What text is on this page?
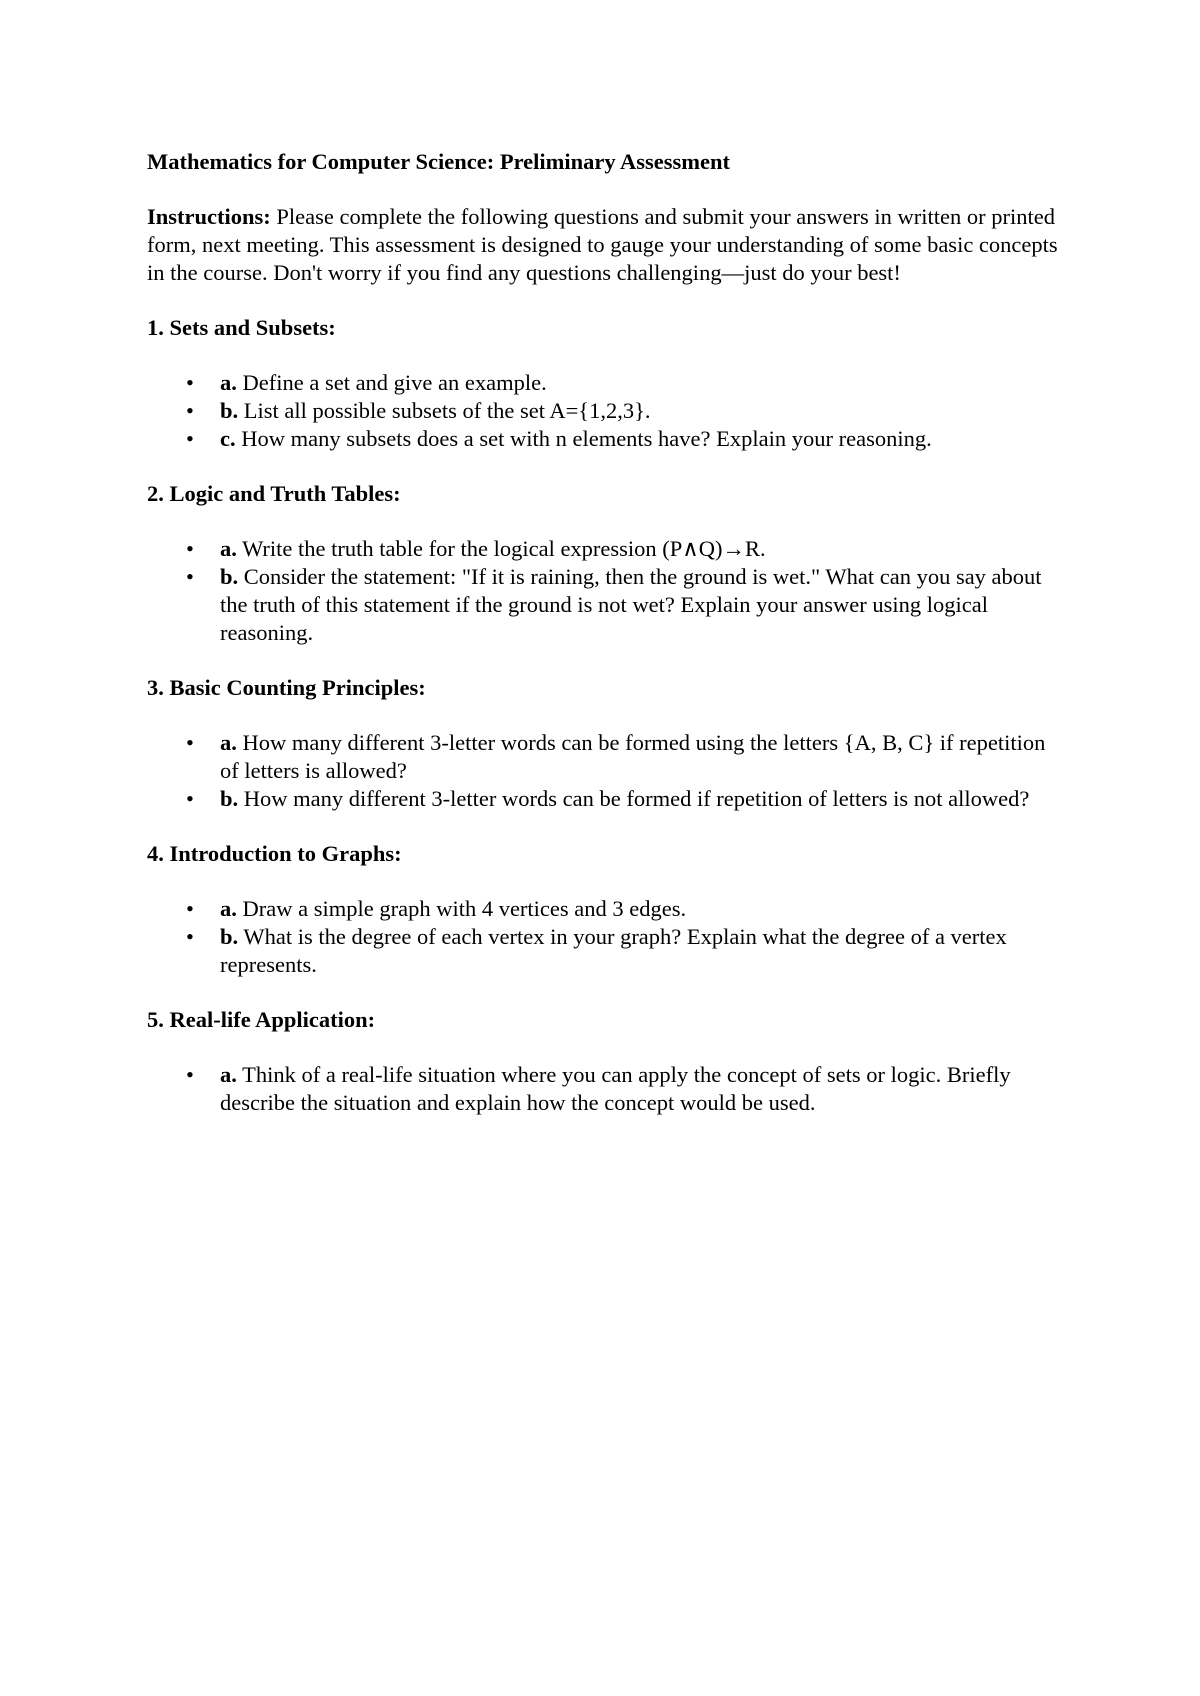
Mathematics for Computer Science: Preliminary Assessment

Instructions: Please complete the following questions and submit your answers in written or printed form, next meeting. This assessment is designed to gauge your understanding of some basic concepts in the course. Don't worry if you find any questions challenging—just do your best!

1. Sets and Subsets:

• a. Define a set and give an example.
• b. List all possible subsets of the set A={1,2,3}.
• c. How many subsets does a set with n elements have? Explain your reasoning.

2. Logic and Truth Tables:

• a. Write the truth table for the logical expression (P∧Q)→R.
• b. Consider the statement: "If it is raining, then the ground is wet." What can you say about the truth of this statement if the ground is not wet? Explain your answer using logical reasoning.

3. Basic Counting Principles:

• a. How many different 3-letter words can be formed using the letters {A, B, C} if repetition of letters is allowed?
• b. How many different 3-letter words can be formed if repetition of letters is not allowed?

4. Introduction to Graphs:

• a. Draw a simple graph with 4 vertices and 3 edges.
• b. What is the degree of each vertex in your graph? Explain what the degree of a vertex represents.

5. Real-life Application:

• a. Think of a real-life situation where you can apply the concept of sets or logic. Briefly describe the situation and explain how the concept would be used.
